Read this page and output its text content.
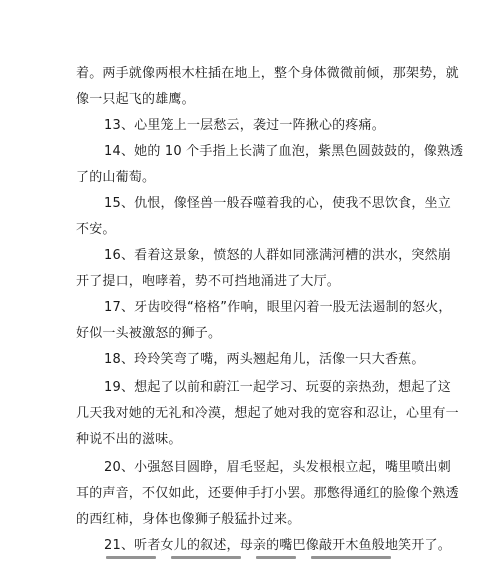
着。两手就像两根木柱插在地上，整个身体微微前倾，那架势，就
像一只起飞的雄鹰。
13、心里笼上一层愁云，袭过一阵揪心的疼痛。
14、她的 10 个手指上长满了血泡，紫黑色圆鼓鼓的，像熟透
了的山葡萄。
15、仇恨，像怪兽一般吞噬着我的心，使我不思饮食，坐立
不安。
16、看着这景象，愤怒的人群如同涨满河槽的洪水，突然崩
开了提口，咆哮着，势不可挡地涌进了大厅。
17、牙齿咬得“格格”作响，眼里闪着一股无法遏制的怒火，
好似一头被激怒的狮子。
18、玲玲笑弯了嘴，两头翘起角儿，活像一只大香蕉。
19、想起了以前和蔚江一起学习、玩耍的亲热劲，想起了这
几天我对她的无礼和冷漠，想起了她对我的宽容和忍让，心里有一
种说不出的滋味。
20、小强怒目圆睁，眉毛竖起，头发根根立起，嘴里喷出刺
耳的声音，不仅如此，还要伸手打小罢。那憋得通红的脸像个熟透
的西红柿，身体也像狮子般猛扑过来。
21、听者女儿的叙述，母亲的嘴巴像敲开木鱼般地笑开了。
